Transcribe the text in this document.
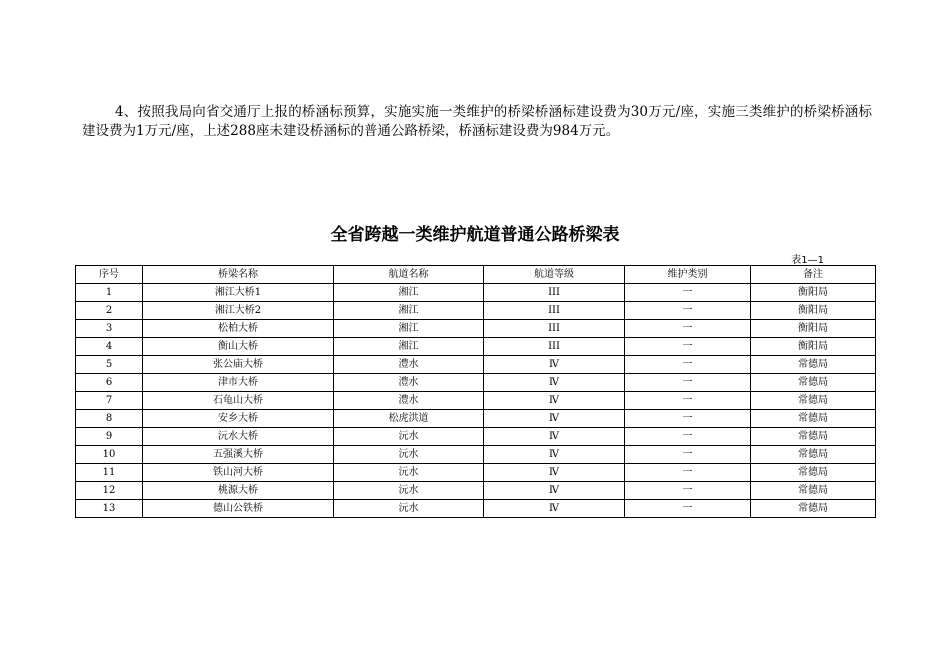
4、按照我局向省交通厅上报的桥涵标预算，实施实施一类维护的桥梁桥涵标建设费为30万元/座，实施三类维护的桥梁桥涵标建设费为1万元/座，上述288座未建设桥涵标的普通公路桥梁，桥涵标建设费为984万元。

全省跨越一类维护航道普通公路桥梁表
表1—1
序号	桥梁名称	航道名称	航道等级	维护类别	备注
1	湘江大桥1	湘江	III	一	衡阳局
2	湘江大桥2	湘江	III	一	衡阳局
3	松柏大桥	湘江	III	一	衡阳局
4	衡山大桥	湘江	III	一	衡阳局
5	张公庙大桥	澧水	Ⅳ	一	常德局
6	津市大桥	澧水	Ⅳ	一	常德局
7	石龟山大桥	澧水	Ⅳ	一	常德局
8	安乡大桥	松虎洪道	Ⅳ	一	常德局
9	沅水大桥	沅水	Ⅳ	一	常德局
10	五强溪大桥	沅水	Ⅳ	一	常德局
11	铁山河大桥	沅水	Ⅳ	一	常德局
12	桃源大桥	沅水	Ⅳ	一	常德局
13	德山公铁桥	沅水	Ⅳ	一	常德局
